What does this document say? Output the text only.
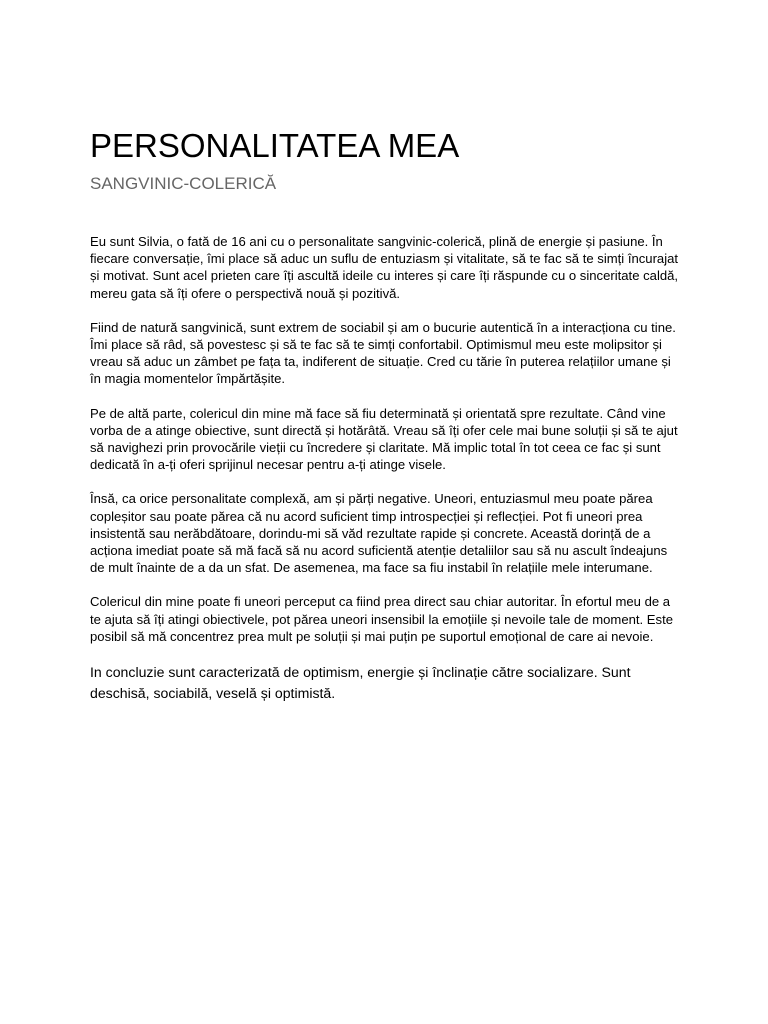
PERSONALITATEA MEA
SANGVINIC-COLERICĂ

Eu sunt Silvia, o fată de 16 ani cu o personalitate sangvinic-colerică, plină de energie și pasiune. În fiecare conversație, îmi place să aduc un suflu de entuziasm și vitalitate, să te fac să te simți încurajat și motivat. Sunt acel prieten care îți ascultă ideile cu interes și care îți răspunde cu o sinceritate caldă, mereu gata să îți ofere o perspectivă nouă și pozitivă.

Fiind de natură sangvinică, sunt extrem de sociabil și am o bucurie autentică în a interacționa cu tine. Îmi place să râd, să povestesc și să te fac să te simți confortabil. Optimismul meu este molipsitor și vreau să aduc un zâmbet pe fața ta, indiferent de situație. Cred cu tărie în puterea relațiilor umane și în magia momentelor împărtășite.

Pe de altă parte, colericul din mine mă face să fiu determinată și orientată spre rezultate. Când vine vorba de a atinge obiective, sunt directă și hotărâtă. Vreau să îți ofer cele mai bune soluții și să te ajut să navighezi prin provocările vieții cu încredere și claritate. Mă implic total în tot ceea ce fac și sunt dedicată în a-ți oferi sprijinul necesar pentru a-ți atinge visele.

Însă, ca orice personalitate complexă, am și părți negative. Uneori, entuziasmul meu poate părea copleșitor sau poate părea că nu acord suficient timp introspecției și reflecției. Pot fi uneori prea insistentă sau nerăbdătoare, dorindu-mi să văd rezultate rapide și concrete. Această dorință de a acționa imediat poate să mă facă să nu acord suficientă atenție detaliilor sau să nu ascult îndeajuns de mult înainte de a da un sfat. De asemenea, ma face sa fiu instabil în relațiile mele interumane.

Colericul din mine poate fi uneori perceput ca fiind prea direct sau chiar autoritar. În efortul meu de a te ajuta să îți atingi obiectivele, pot părea uneori insensibil la emoțiile și nevoile tale de moment. Este posibil să mă concentrez prea mult pe soluții și mai puțin pe suportul emoțional de care ai nevoie.

In concluzie sunt caracterizată de optimism, energie și înclinație către socializare. Sunt deschisă, sociabilă, veselă și optimistă.
